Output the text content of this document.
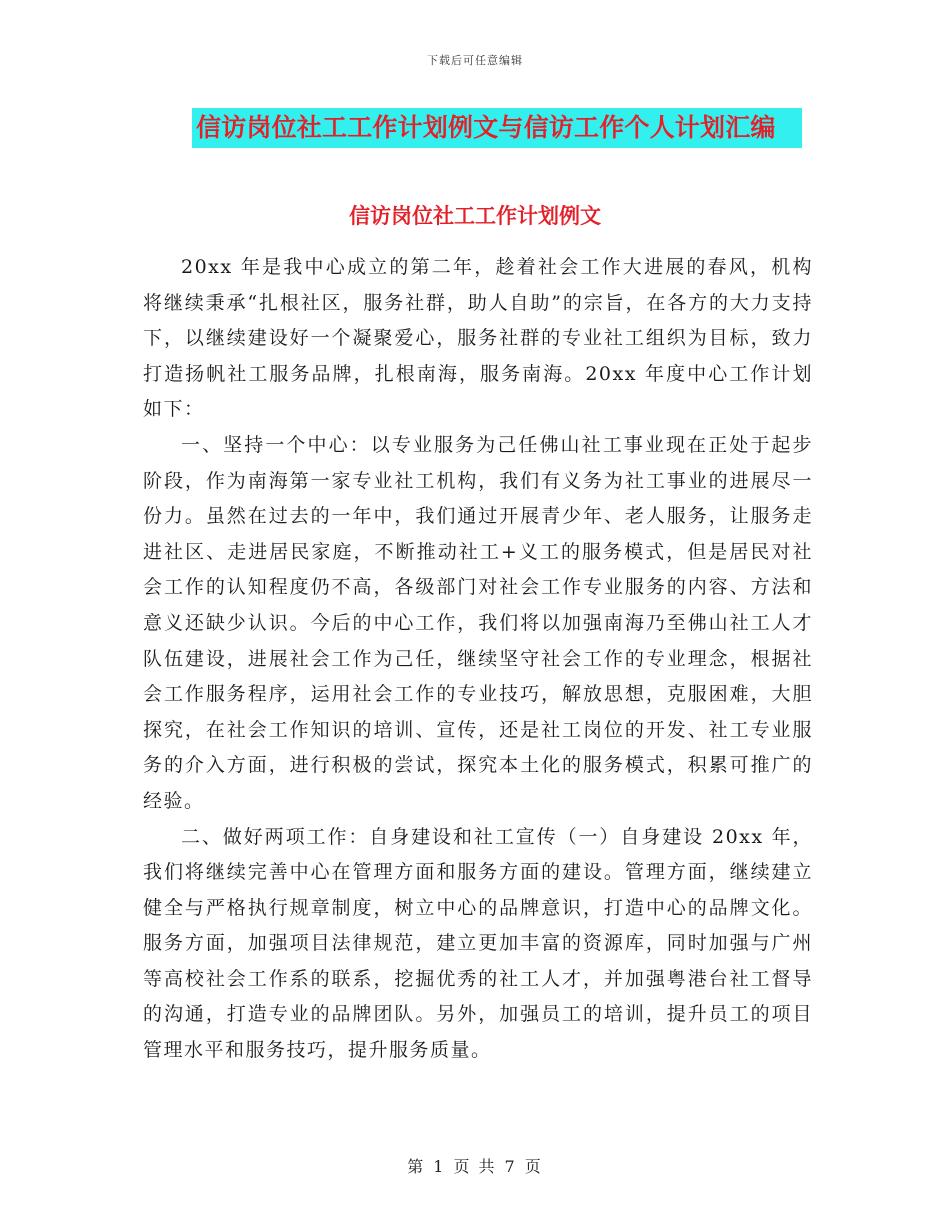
下载后可任意编辑
信访岗位社工工作计划例文与信访工作个人计划汇编
信访岗位社工工作计划例文

20xx 年是我中心成立的第二年，趁着社会工作大进展的春风，机构将继续秉承“扎根社区，服务社群，助人自助”的宗旨，在各方的大力支持下，以继续建设好一个凝聚爱心，服务社群的专业社工组织为目标，致力打造扬帆社工服务品牌，扎根南海，服务南海。20xx 年度中心工作计划如下：

一、坚持一个中心：以专业服务为己任佛山社工事业现在正处于起步阶段，作为南海第一家专业社工机构，我们有义务为社工事业的进展尽一份力。虽然在过去的一年中，我们通过开展青少年、老人服务，让服务走进社区、走进居民家庭，不断推动社工+义工的服务模式，但是居民对社会工作的认知程度仍不高，各级部门对社会工作专业服务的内容、方法和意义还缺少认识。今后的中心工作，我们将以加强南海乃至佛山社工人才队伍建设，进展社会工作为己任，继续坚守社会工作的专业理念，根据社会工作服务程序，运用社会工作的专业技巧，解放思想，克服困难，大胆探究，在社会工作知识的培训、宣传，还是社工岗位的开发、社工专业服务的介入方面，进行积极的尝试，探究本土化的服务模式，积累可推广的经验。

二、做好两项工作：自身建设和社工宣传（一）自身建设 20xx 年，我们将继续完善中心在管理方面和服务方面的建设。管理方面，继续建立健全与严格执行规章制度，树立中心的品牌意识，打造中心的品牌文化。服务方面，加强项目法律规范，建立更加丰富的资源库，同时加强与广州等高校社会工作系的联系，挖掘优秀的社工人才，并加强粤港台社工督导的沟通，打造专业的品牌团队。另外，加强员工的培训，提升员工的项目管理水平和服务技巧，提升服务质量。

第 1 页 共 7 页
